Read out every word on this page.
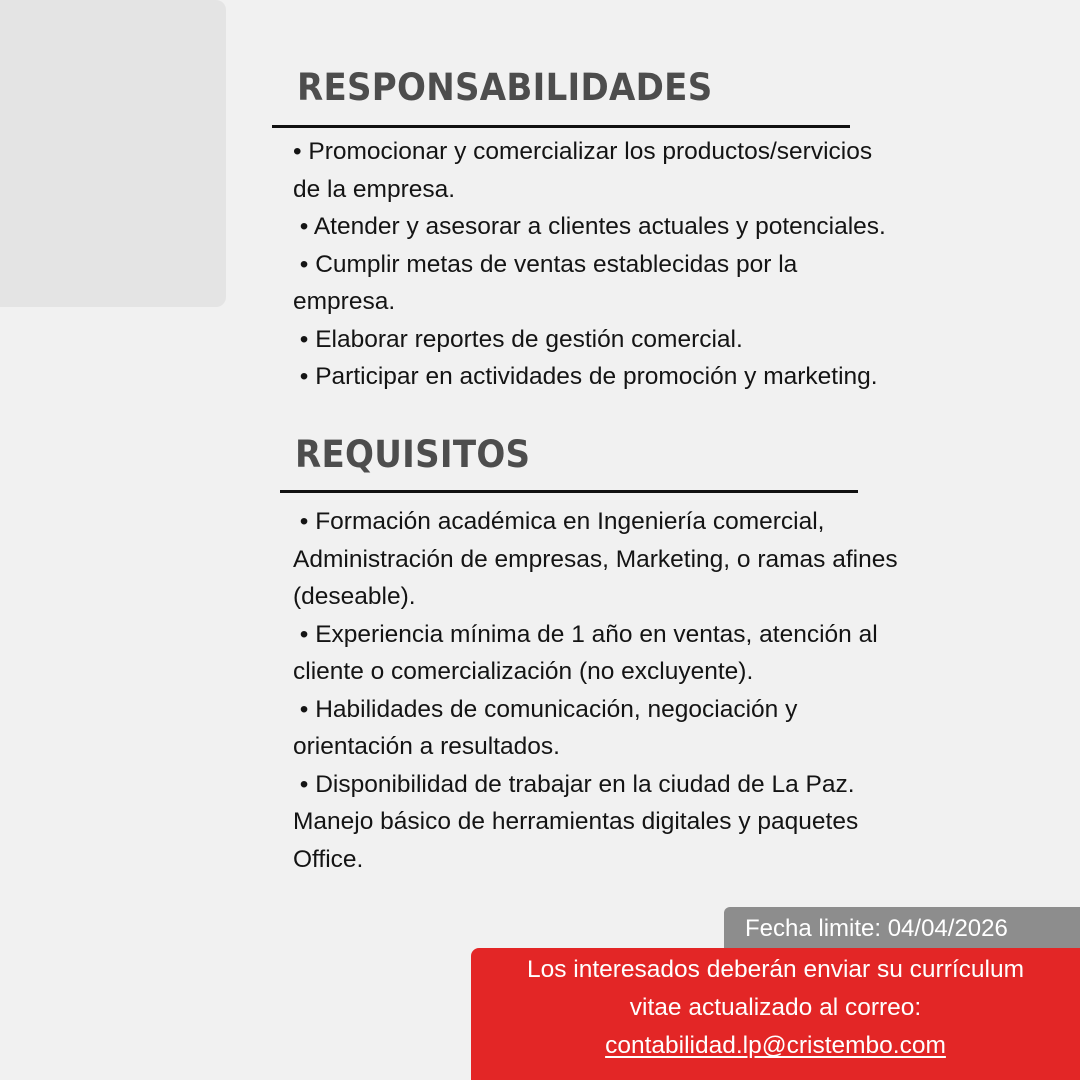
RESPONSABILIDADES
• Promocionar y comercializar los productos/servicios
de la empresa.
• Atender y asesorar a clientes actuales y potenciales.
• Cumplir metas de ventas establecidas por la
empresa.
• Elaborar reportes de gestión comercial.
• Participar en actividades de promoción y marketing.
REQUISITOS
• Formación académica en Ingeniería comercial,
Administración de empresas, Marketing, o ramas afines
(deseable).
• Experiencia mínima de 1 año en ventas, atención al
cliente o comercialización (no excluyente).
• Habilidades de comunicación, negociación y
orientación a resultados.
• Disponibilidad de trabajar en la ciudad de La Paz.
Manejo básico de herramientas digitales y paquetes
Office.
Fecha limite: 04/04/2026
Los interesados deberán enviar su currículum
vitae actualizado al correo:
contabilidad.lp@cristembo.com
